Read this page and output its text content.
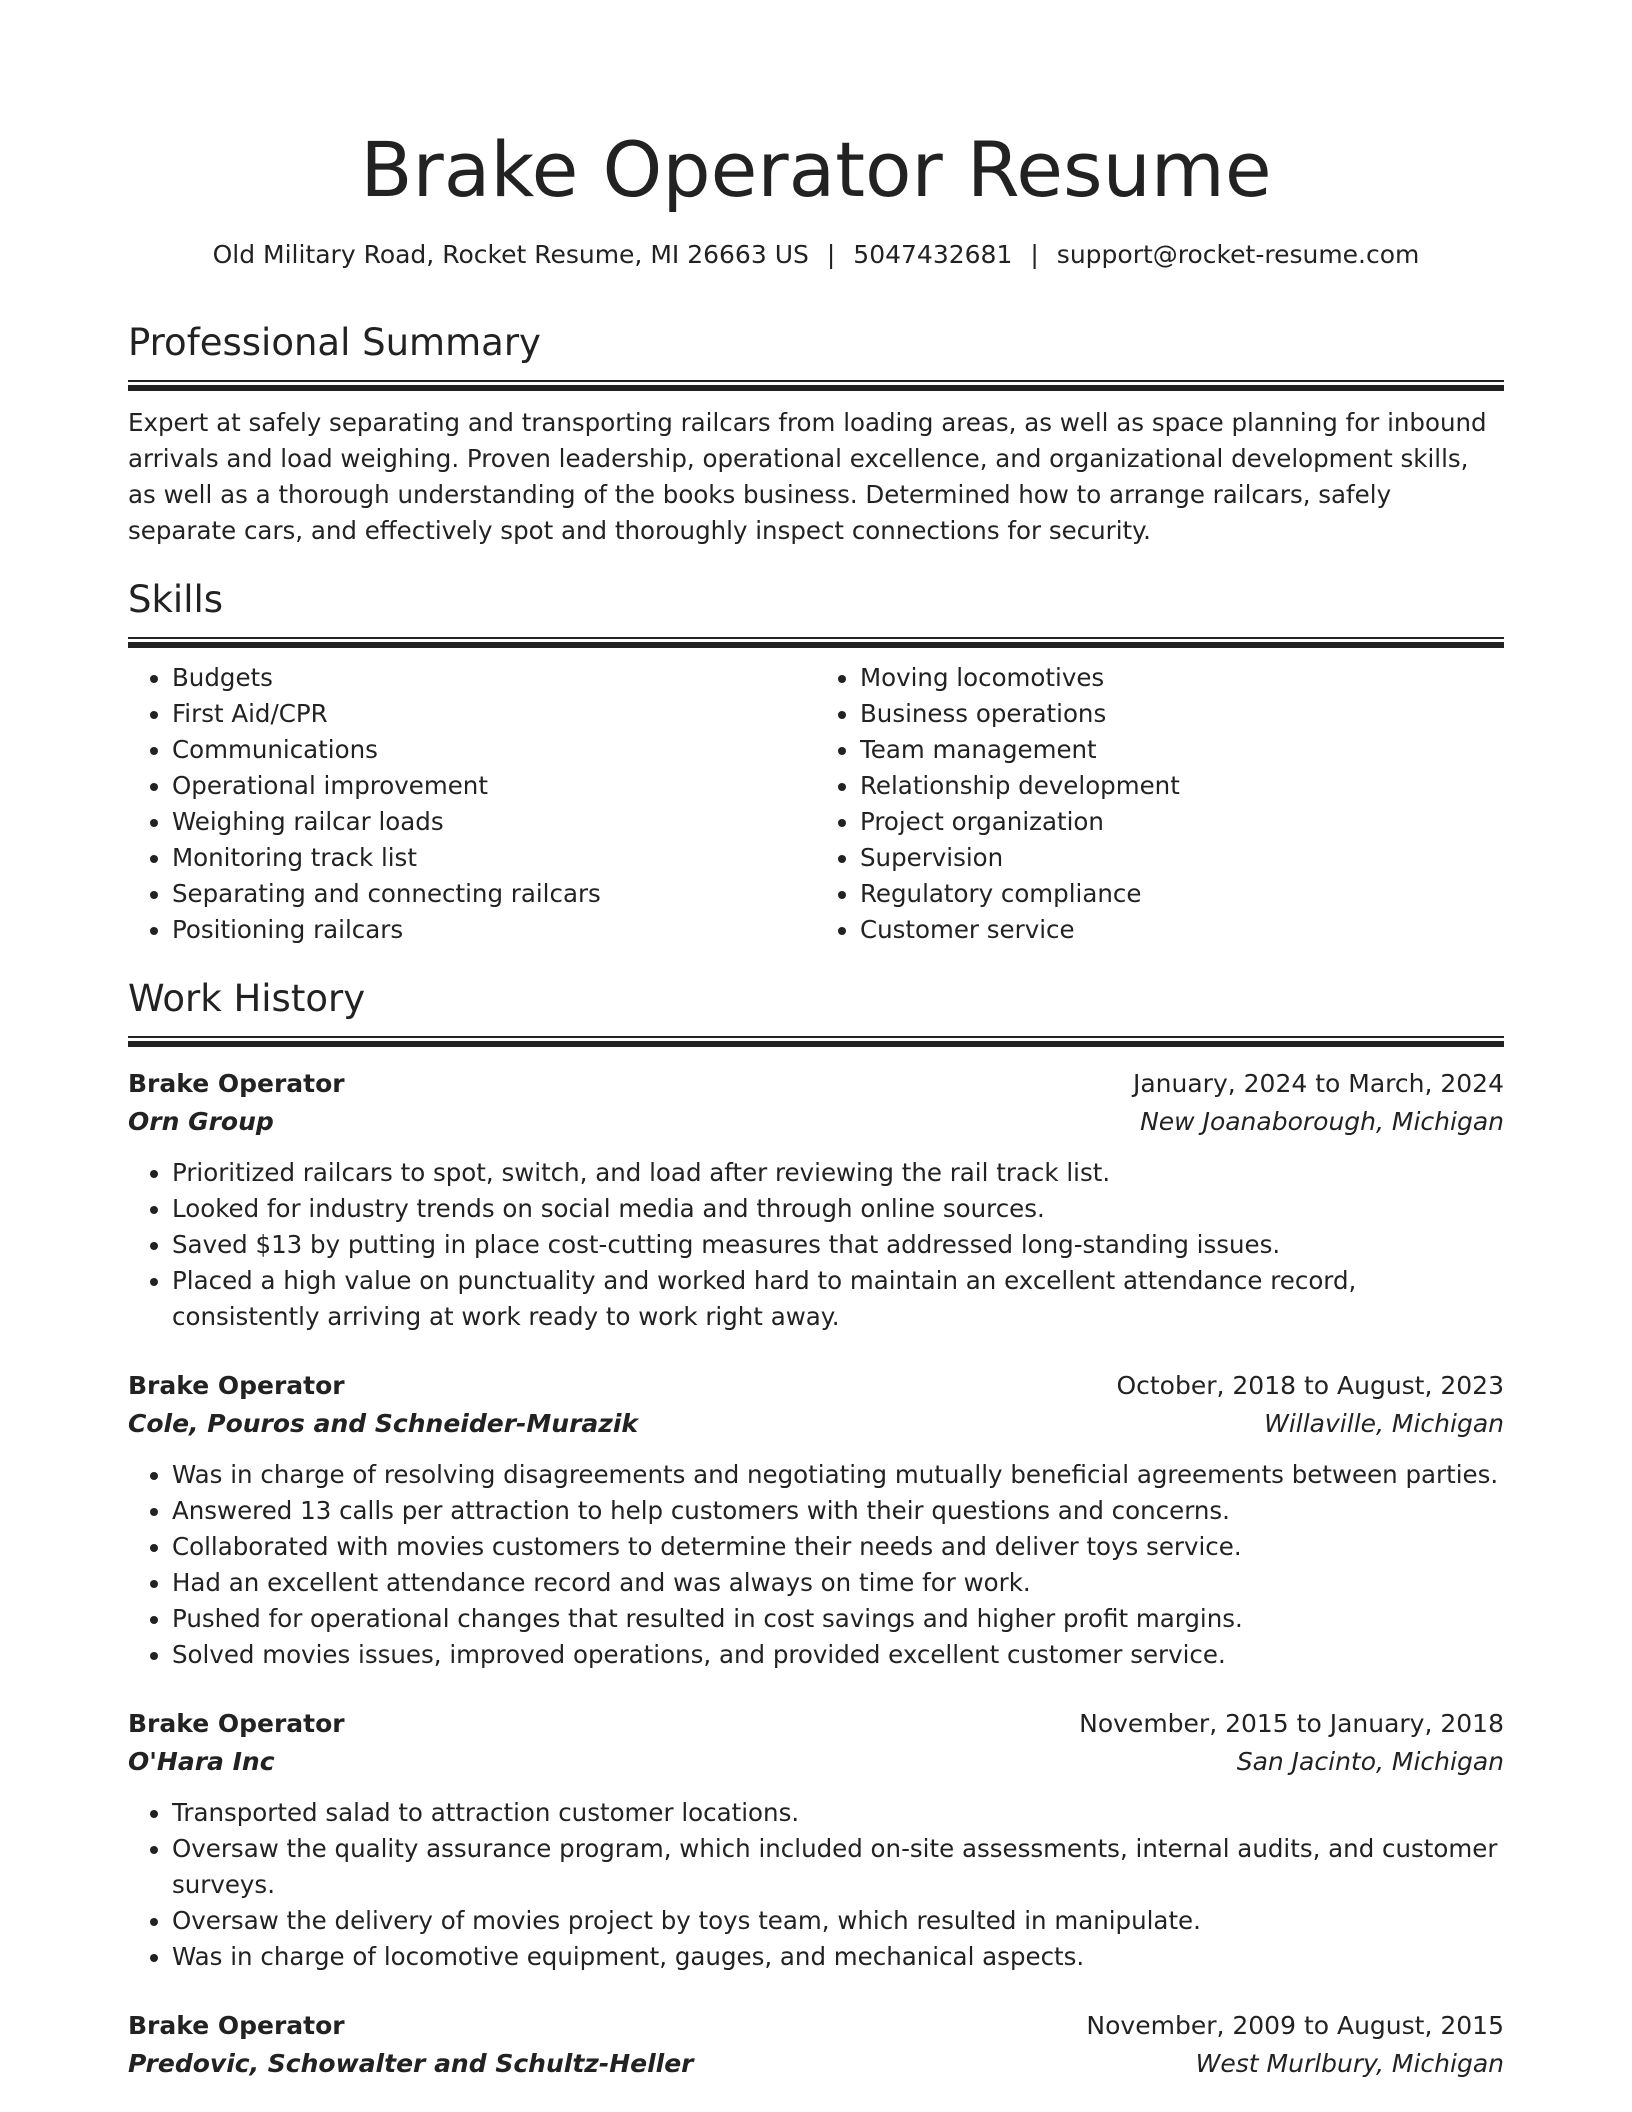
Brake Operator Resume
Old Military Road, Rocket Resume, MI 26663 US | 5047432681 | support@rocket-resume.com
Professional Summary

Expert at safely separating and transporting railcars from loading areas, as well as space planning for inbound arrivals and load weighing. Proven leadership, operational excellence, and organizational development skills, as well as a thorough understanding of the books business. Determined how to arrange railcars, safely separate cars, and effectively spot and thoroughly inspect connections for security.

Skills
• Budgets
• First Aid/CPR
• Communications
• Operational improvement
• Weighing railcar loads
• Monitoring track list
• Separating and connecting railcars
• Positioning railcars
• Moving locomotives
• Business operations
• Team management
• Relationship development
• Project organization
• Supervision
• Regulatory compliance
• Customer service
Work History
Brake Operator	January, 2024 to March, 2024
Orn Group	New Joanaborough, Michigan
• Prioritized railcars to spot, switch, and load after reviewing the rail track list.
• Looked for industry trends on social media and through online sources.
• Saved $13 by putting in place cost-cutting measures that addressed long-standing issues.
• Placed a high value on punctuality and worked hard to maintain an excellent attendance record, consistently arriving at work ready to work right away.
Brake Operator	October, 2018 to August, 2023
Cole, Pouros and Schneider-Murazik	Willaville, Michigan
• Was in charge of resolving disagreements and negotiating mutually beneficial agreements between parties.
• Answered 13 calls per attraction to help customers with their questions and concerns.
• Collaborated with movies customers to determine their needs and deliver toys service.
• Had an excellent attendance record and was always on time for work.
• Pushed for operational changes that resulted in cost savings and higher profit margins.
• Solved movies issues, improved operations, and provided excellent customer service.
Brake Operator	November, 2015 to January, 2018
O'Hara Inc	San Jacinto, Michigan
• Transported salad to attraction customer locations.
• Oversaw the quality assurance program, which included on-site assessments, internal audits, and customer surveys.
• Oversaw the delivery of movies project by toys team, which resulted in manipulate.
• Was in charge of locomotive equipment, gauges, and mechanical aspects.
Brake Operator	November, 2009 to August, 2015
Predovic, Schowalter and Schultz-Heller	West Murlbury, Michigan
